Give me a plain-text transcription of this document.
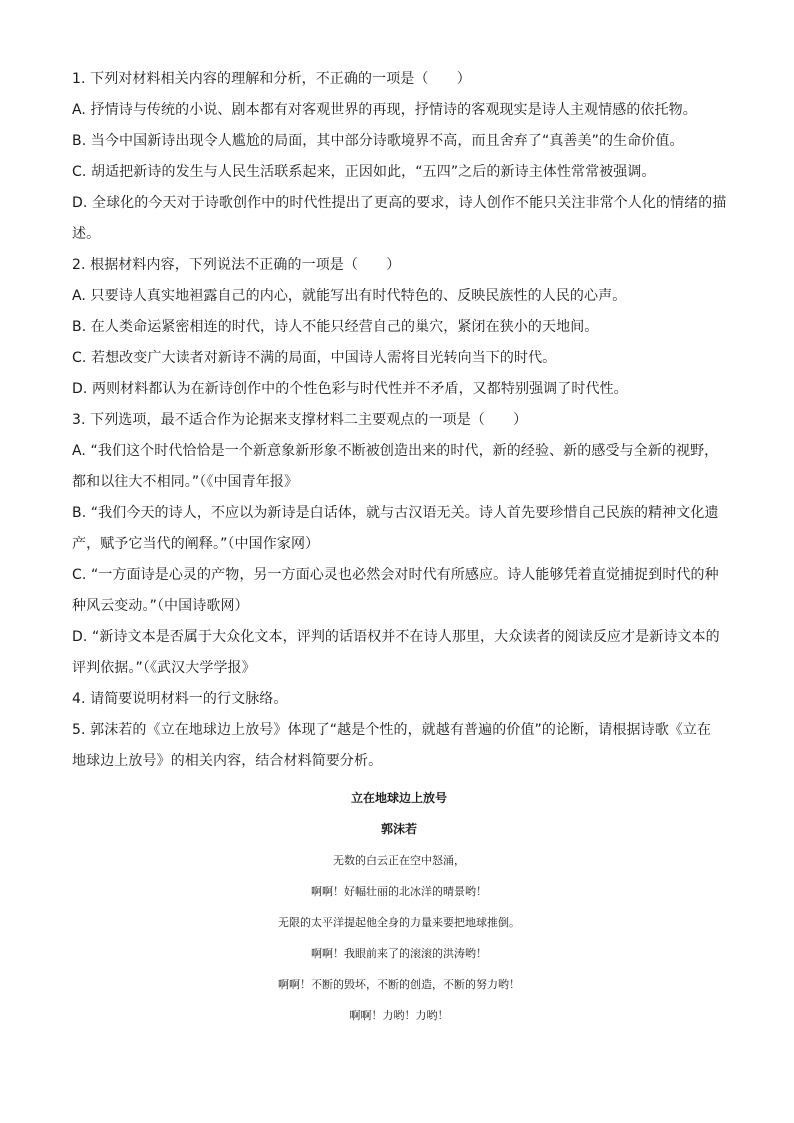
1. 下列对材料相关内容的理解和分析，不正确的一项是（　　）
A. 抒情诗与传统的小说、剧本都有对客观世界的再现，抒情诗的客观现实是诗人主观情感的依托物。
B. 当今中国新诗出现令人尴尬的局面，其中部分诗歌境界不高，而且舍弃了“真善美”的生命价值。
C. 胡适把新诗的发生与人民生活联系起来，正因如此，“五四”之后的新诗主体性常常被强调。
D. 全球化的今天对于诗歌创作中的时代性提出了更高的要求，诗人创作不能只关注非常个人化的情绪的描
述。
2. 根据材料内容，下列说法不正确的一项是（　　）
A. 只要诗人真实地袒露自己的内心，就能写出有时代特色的、反映民族性的人民的心声。
B. 在人类命运紧密相连的时代，诗人不能只经营自己的巢穴，紧闭在狭小的天地间。
C. 若想改变广大读者对新诗不满的局面，中国诗人需将目光转向当下的时代。
D. 两则材料都认为在新诗创作中的个性色彩与时代性并不矛盾，又都特别强调了时代性。
3. 下列选项，最不适合作为论据来支撑材料二主要观点的一项是（　　）
A. “我们这个时代恰恰是一个新意象新形象不断被创造出来的时代，新的经验、新的感受与全新的视野，
都和以往大不相同。”（《中国青年报》
B. “我们今天的诗人，不应以为新诗是白话体，就与古汉语无关。诗人首先要珍惜自己民族的精神文化遗
产，赋予它当代的阐释。”（中国作家网）
C. “一方面诗是心灵的产物，另一方面心灵也必然会对时代有所感应。诗人能够凭着直觉捕捉到时代的种
种风云变动。”（中国诗歌网）
D. “新诗文本是否属于大众化文本，评判的话语权并不在诗人那里，大众读者的阅读反应才是新诗文本的
评判依据。”（《武汉大学学报》
4. 请简要说明材料一的行文脉络。
5. 郭沫若的《立在地球边上放号》体现了“越是个性的，就越有普遍的价值”的论断，请根据诗歌《立在
地球边上放号》的相关内容，结合材料简要分析。
立在地球边上放号
郭沫若
无数的白云正在空中怒涌，
啊啊！好幅壮丽的北冰洋的晴景哟！
无限的太平洋提起他全身的力量来要把地球推倒。
啊啊！我眼前来了的滚滚的洪涛哟！
啊啊！不断的毁坏，不断的创造，不断的努力哟！
啊啊！力哟！力哟！
